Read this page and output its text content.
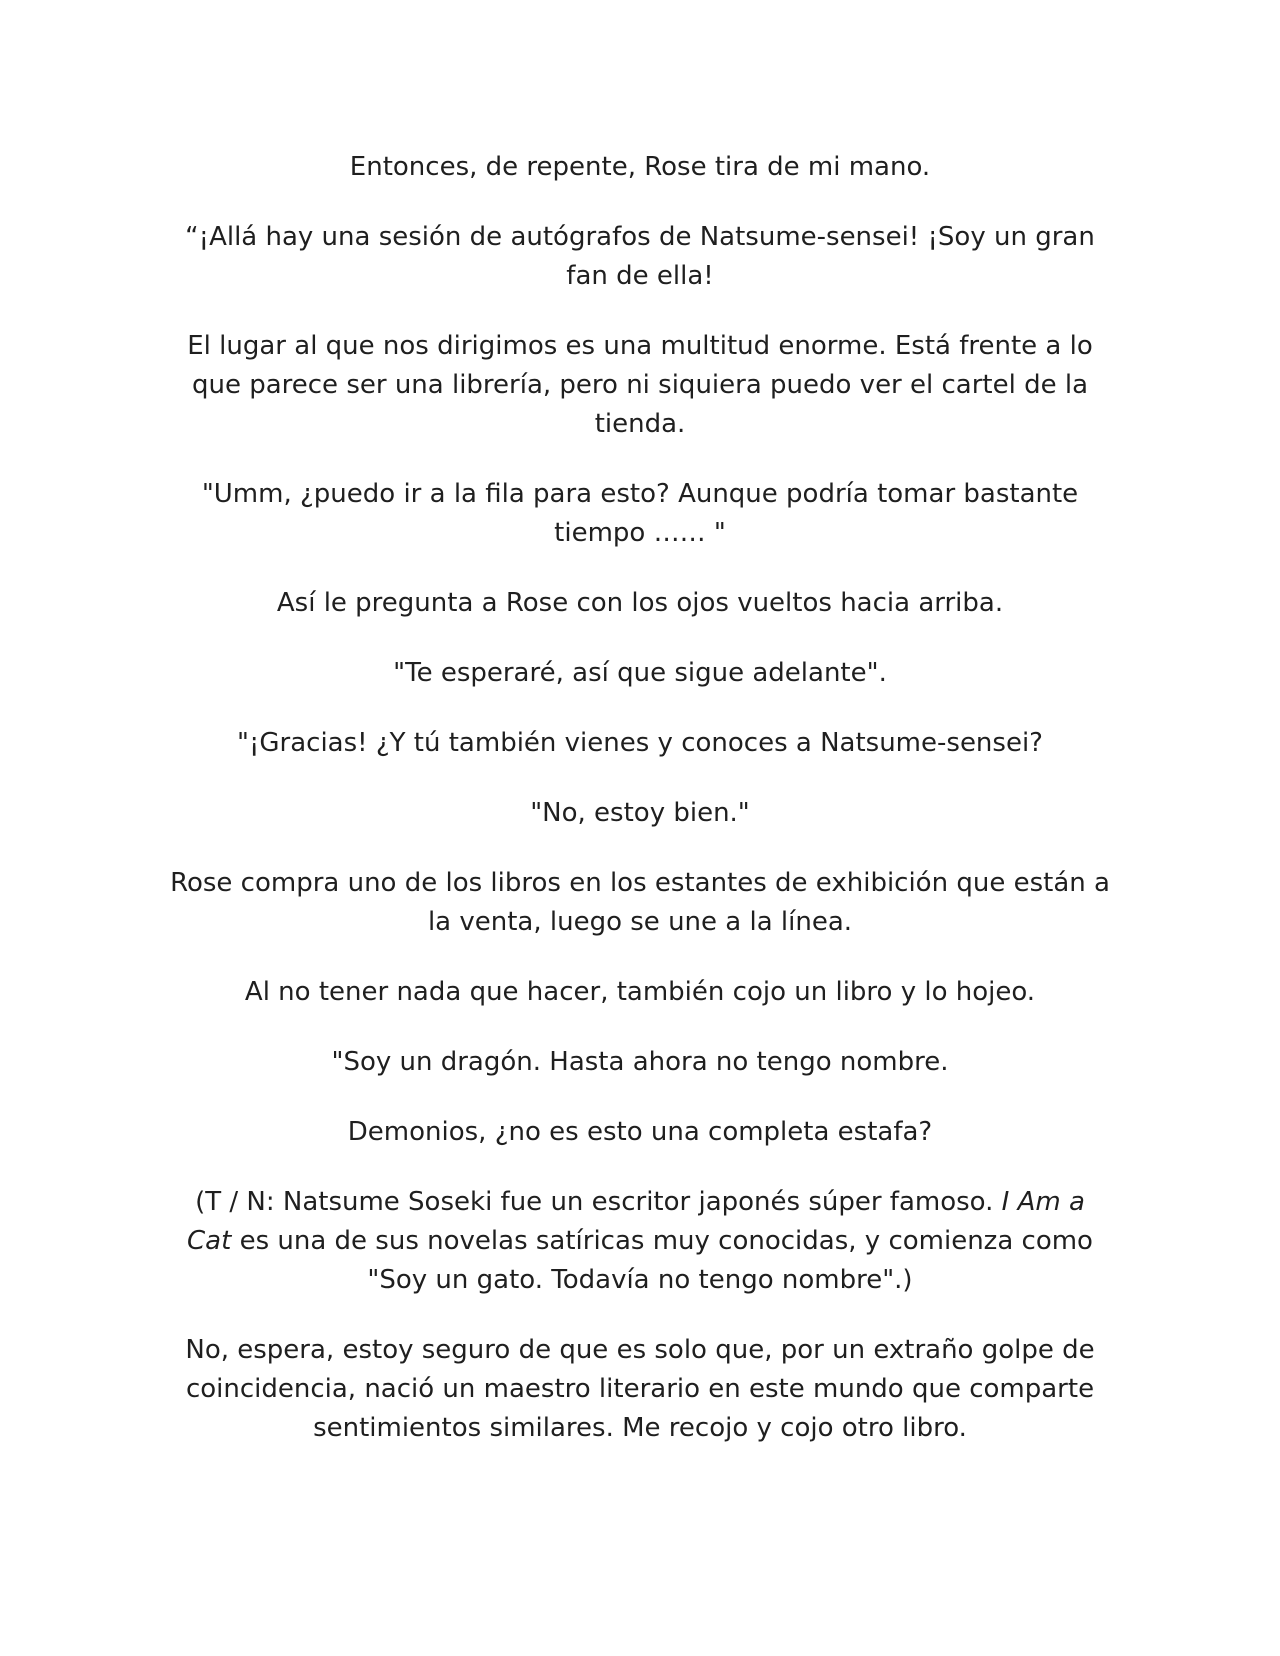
Entonces, de repente, Rose tira de mi mano.

“¡Allá hay una sesión de autógrafos de Natsume-sensei! ¡Soy un gran fan de ella!

El lugar al que nos dirigimos es una multitud enorme. Está frente a lo que parece ser una librería, pero ni siquiera puedo ver el cartel de la tienda.

"Umm, ¿puedo ir a la fila para esto? Aunque podría tomar bastante tiempo …… "

Así le pregunta a Rose con los ojos vueltos hacia arriba.

"Te esperaré, así que sigue adelante".

"¡Gracias! ¿Y tú también vienes y conoces a Natsume-sensei?

"No, estoy bien."

Rose compra uno de los libros en los estantes de exhibición que están a la venta, luego se une a la línea.

Al no tener nada que hacer, también cojo un libro y lo hojeo.

"Soy un dragón. Hasta ahora no tengo nombre.

Demonios, ¿no es esto una completa estafa?

(T / N: Natsume Soseki fue un escritor japonés súper famoso. I Am a Cat es una de sus novelas satíricas muy conocidas, y comienza como "Soy un gato. Todavía no tengo nombre".)

No, espera, estoy seguro de que es solo que, por un extraño golpe de coincidencia, nació un maestro literario en este mundo que comparte sentimientos similares. Me recojo y cojo otro libro.
